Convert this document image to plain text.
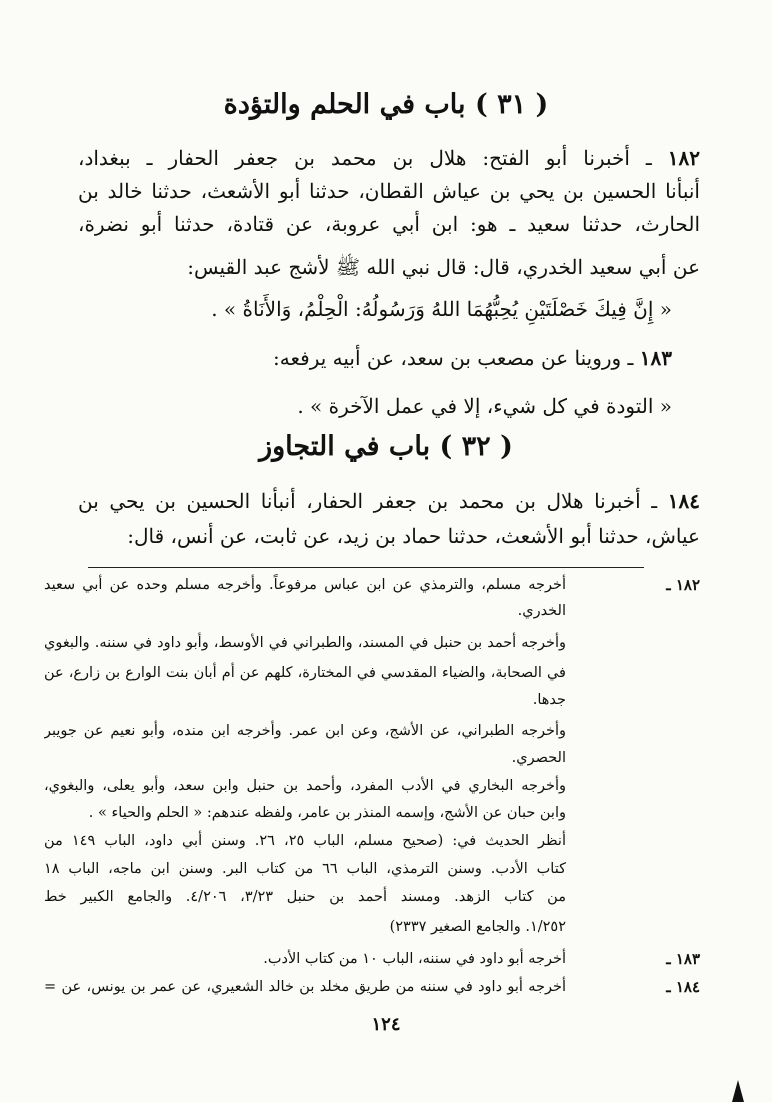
( ٣١ ) باب في الحلم والتؤدة
١٨٢ ـ أخبرنا أبو الفتح: هلال بن محمد بن جعفر الحفار ـ ببغداد،
أنبأنا الحسين بن يحي بن عياش القطان، حدثنا أبو الأشعث، حدثنا خالد بن
الحارث، حدثنا سعيد ـ هو: ابن أبي عروبة، عن قتادة، حدثنا أبو نضرة،
عن أبي سعيد الخدري، قال: قال نبي الله ﷺ لأشج عبد القيس:
« إِنَّ فِيكَ خَصْلَتَيْنِ يُحِبُّهُمَا اللهُ وَرَسُولُهُ: الْحِلْمُ، وَالأَنَاةُ » .
١٨٣ ـ وروينا عن مصعب بن سعد، عن أبيه يرفعه:
« التودة في كل شيء، إلا في عمل الآخرة » .
( ٣٢ ) باب في التجاوز
١٨٤ ـ أخبرنا هلال بن محمد بن جعفر الحفار، أنبأنا الحسين بن يحي بن
عياش، حدثنا أبو الأشعث، حدثنا حماد بن زيد، عن ثابت، عن أنس، قال:
١٨٢ ـ
أخرجه مسلم، والترمذي عن ابن عباس مرفوعاً. وأخرجه مسلم وحده عن أبي سعيد
الخدري.
وأخرجه أحمد بن حنبل في المسند، والطبراني في الأوسط، وأبو داود في سننه. والبغوي
في الصحابة، والضياء المقدسي في المختارة، كلهم عن أم أبان بنت الوارع بن زارع، عن
جدها.
وأخرجه الطبراني، عن الأشج، وعن ابن عمر. وأخرجه ابن منده، وأبو نعيم عن جويبر
الحصري.
وأخرجه البخاري في الأدب المفرد، وأحمد بن حنبل وابن سعد، وأبو يعلى، والبغوي،
وابن حبان عن الأشج، وإسمه المنذر بن عامر، ولفظه عندهم: « الحلم والحياء » .
أنظر الحديث في: (صحيح مسلم، الباب ٢٥، ٢٦. وسنن أبي داود، الباب ١٤٩ من
كتاب الأدب. وسنن الترمذي، الباب ٦٦ من كتاب البر. وسنن ابن ماجه، الباب ١٨
من كتاب الزهد. ومسند أحمد بن حنبل ٣/٢٣، ٤/٢٠٦. والجامع الكبير خط
١/٢٥٢. والجامع الصغير ٢٣٣٧)
١٨٣ ـ
أخرجه أبو داود في سننه، الباب ١٠ من كتاب الأدب.
١٨٤ ـ
أخرجه أبو داود في سننه من طريق مخلد بن خالد الشعيري، عن عمر بن يونس، عن =
١٢٤
